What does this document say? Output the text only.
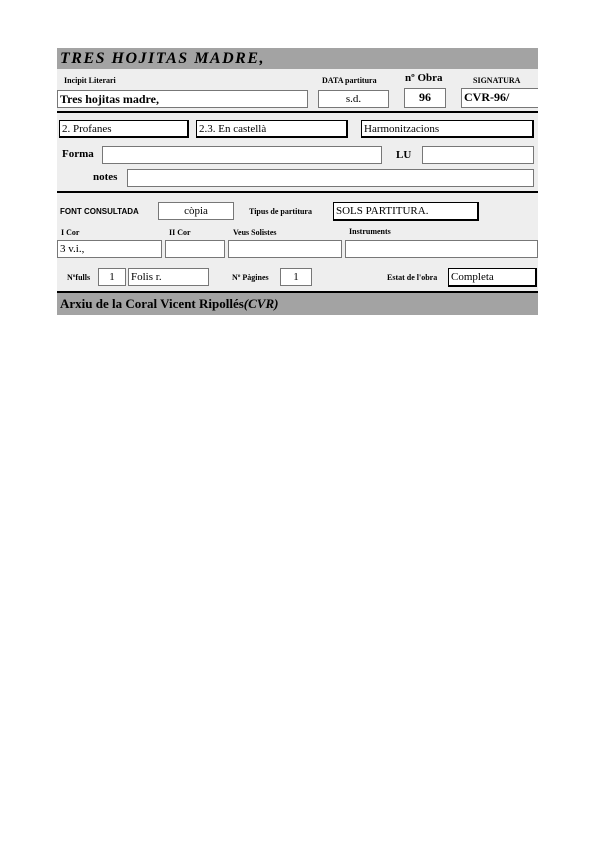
TRES HOJITAS MADRE,
Incipit Literari	DATA partitura	nº Obra	SIGNATURA
Tres hojitas madre,	s.d.	96	CVR-96/
2. Profanes	2.3. En castellà	Harmonitzacions
Forma	LU
notes
FONT CONSULTADA	còpia	Tipus de partitura SOLS PARTITURA.
I Cor	II Cor	Veus Solistes	Instruments
3 v.i.,
Nºfulls	1	Folis r.	Nº Pàgines	1	Estat de l'obra Completa
Arxiu de la Coral Vicent Ripollés(CVR)
